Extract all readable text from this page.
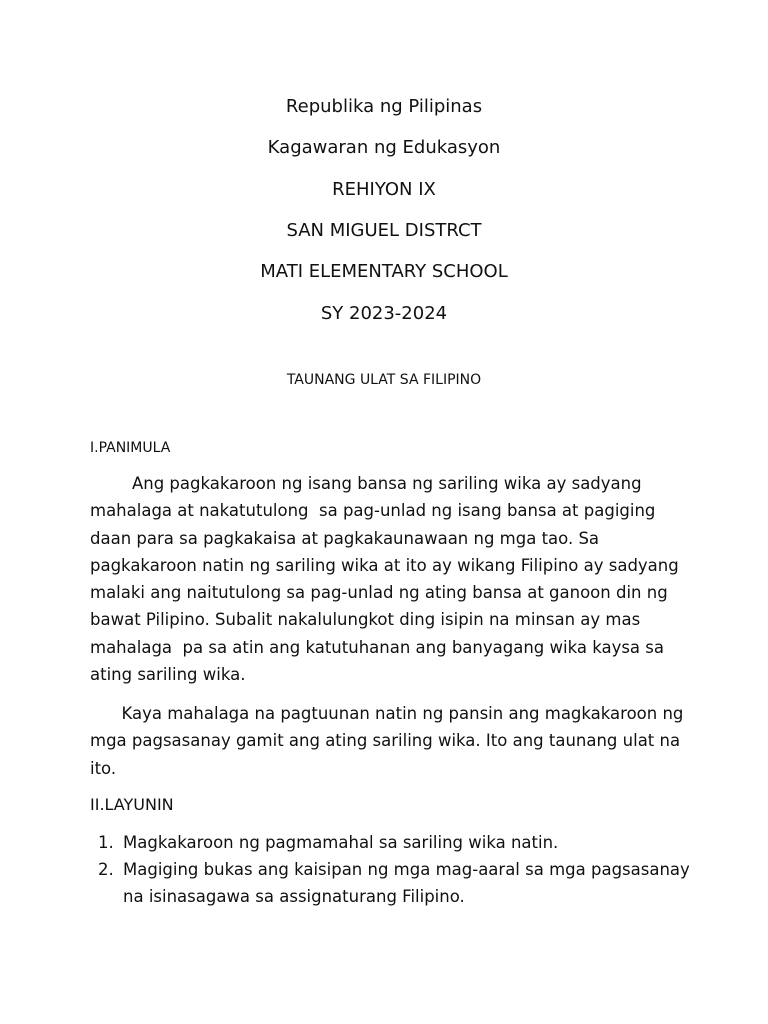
Republika ng Pilipinas
Kagawaran ng Edukasyon
REHIYON IX
SAN MIGUEL DISTRCT
MATI ELEMENTARY SCHOOL
SY 2023-2024
TAUNANG ULAT SA FILIPINO
I.PANIMULA
Ang pagkakaroon ng isang bansa ng sariling wika ay sadyang
mahalaga at nakatutulong  sa pag-unlad ng isang bansa at pagiging
daan para sa pagkakaisa at pagkakaunawaan ng mga tao. Sa
pagkakaroon natin ng sariling wika at ito ay wikang Filipino ay sadyang
malaki ang naitutulong sa pag-unlad ng ating bansa at ganoon din ng
bawat Pilipino. Subalit nakalulungkot ding isipin na minsan ay mas
mahalaga  pa sa atin ang katutuhanan ang banyagang wika kaysa sa
ating sariling wika.
Kaya mahalaga na pagtuunan natin ng pansin ang magkakaroon ng
mga pagsasanay gamit ang ating sariling wika. Ito ang taunang ulat na
ito.
II.LAYUNIN
1. Magkakaroon ng pagmamahal sa sariling wika natin.
2. Magiging bukas ang kaisipan ng mga mag-aaral sa mga pagsasanay
na isinasagawa sa assignaturang Filipino.
